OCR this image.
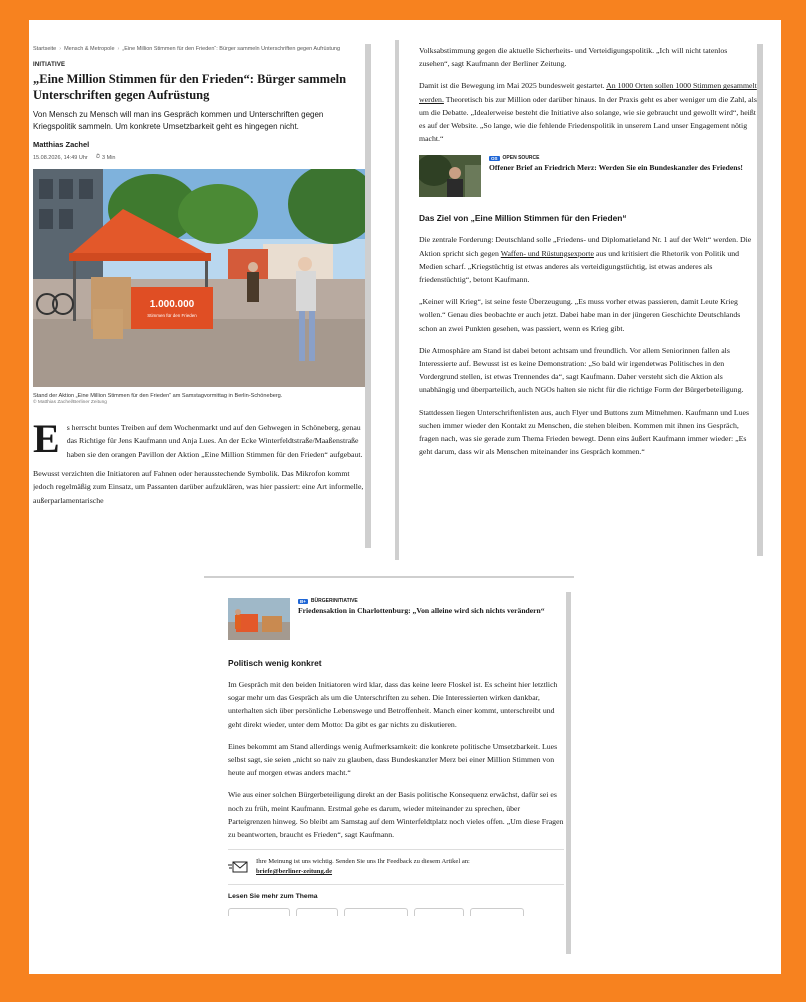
Startseite › Mensch & Metropole › „Eine Million Stimmen für den Frieden“: Bürger sammeln Unterschriften gegen Aufrüstung
INITIATIVE
„Eine Million Stimmen für den Frieden“: Bürger sammeln Unterschriften gegen Aufrüstung
Von Mensch zu Mensch will man ins Gespräch kommen und Unterschriften gegen Kriegspolitik sammeln. Um konkrete Umsetzbarkeit geht es hingegen nicht.
Matthias Zachel
15.08.2026, 14:49 Uhr ⏱ 3 Min
1.000.000
Stimmen für den Frieden
Stand der Aktion „Eine Million Stimmen für den Frieden“ am Samstagvormittag in Berlin-Schöneberg.
© Matthias Zachel/Berliner Zeitung
Es herrscht buntes Treiben auf dem Wochenmarkt und auf den Gehwegen in Schöneberg, genau das Richtige für Jens Kaufmann und Anja Lues. An der Ecke Winterfeldtstraße/Maaßenstraße haben sie den orangen Pavillon der Aktion „Eine Million Stimmen für den Frieden“ aufgebaut.
Bewusst verzichten die Initiatoren auf Fahnen oder herausstechende Symbolik. Das Mikrofon kommt jedoch regelmäßig zum Einsatz, um Passanten darüber aufzuklären, was hier passiert: eine Art informelle, außerparlamentarische
Volksabstimmung gegen die aktuelle Sicherheits- und Verteidigungspolitik. „Ich will nicht tatenlos zusehen“, sagt Kaufmann der Berliner Zeitung.
Damit ist die Bewegung im Mai 2025 bundesweit gestartet. An 1000 Orten sollen 1000 Stimmen gesammelt werden. Theoretisch bis zur Million oder darüber hinaus. In der Praxis geht es aber weniger um die Zahl, als um die Debatte. „Idealerweise besteht die Initiative also solange, wie sie gebraucht und gewollt wird“, heißt es auf der Website. „So lange, wie die fehlende Friedenspolitik in unserem Land unser Engagement nötig macht.“
OS	OPEN SOURCE
Offener Brief an Friedrich Merz: Werden Sie ein Bundeskanzler des Friedens!
Das Ziel von „Eine Million Stimmen für den Frieden“
Die zentrale Forderung: Deutschland solle „Friedens- und Diplomatieland Nr. 1 auf der Welt“ werden. Die Aktion spricht sich gegen Waffen- und Rüstungsexporte aus und kritisiert die Rhetorik von Politik und Medien scharf. „Kriegstüchtig ist etwas anderes als verteidigungstüchtig, ist etwas anderes als friedenstüchtig“, betont Kaufmann.
„Keiner will Krieg“, ist seine feste Überzeugung. „Es muss vorher etwas passieren, damit Leute Krieg wollen.“ Genau dies beobachte er auch jetzt. Dabei habe man in der jüngeren Geschichte Deutschlands schon an zwei Punkten gesehen, was passiert, wenn es Krieg gibt.
Die Atmosphäre am Stand ist dabei betont achtsam und freundlich. Vor allem Seniorinnen fallen als Interessierte auf. Bewusst ist es keine Demonstration: „So bald wir irgendetwas Politisches in den Vordergrund stellen, ist etwas Trennendes da“, sagt Kaufmann. Daher versteht sich die Aktion als unabhängig und überparteilich, auch NGOs halten sie nicht für die richtige Form der Bürgerbeteiligung.
Stattdessen liegen Unterschriftenlisten aus, auch Flyer und Buttons zum Mitnehmen. Kaufmann und Lues suchen immer wieder den Kontakt zu Menschen, die stehen bleiben. Kommen mit ihnen ins Gespräch, fragen nach, was sie gerade zum Thema Frieden bewegt. Denn eins äußert Kaufmann immer wieder: „Es geht darum, dass wir als Menschen miteinander ins Gespräch kommen.“
B+	BÜRGERINITIATIVE
Friedensaktion in Charlottenburg: „Von alleine wird sich nichts verändern“
Politisch wenig konkret
Im Gespräch mit den beiden Initiatoren wird klar, dass das keine leere Floskel ist. Es scheint hier letztlich sogar mehr um das Gespräch als um die Unterschriften zu sehen. Die Interessierten wirken dankbar, unterhalten sich über persönliche Lebenswege und Betroffenheit. Manch einer kommt, unterschreibt und geht direkt wieder, unter dem Motto: Da gibt es gar nichts zu diskutieren.
Eines bekommt am Stand allerdings wenig Aufmerksamkeit: die konkrete politische Umsetzbarkeit. Lues selbst sagt, sie seien „nicht so naiv zu glauben, dass Bundeskanzler Merz bei einer Million Stimmen von heute auf morgen etwas anders macht.“
Wie aus einer solchen Bürgerbeteiligung direkt an der Basis politische Konsequenz erwächst, dafür sei es noch zu früh, meint Kaufmann. Erstmal gehe es darum, wieder miteinander zu sprechen, über Parteigrenzen hinweg. So bleibt am Samstag auf dem Winterfeldtplatz noch vieles offen. „Um diese Fragen zu beantworten, braucht es Frieden“, sagt Kaufmann.
Ihre Meinung ist uns wichtig. Senden Sie uns Ihr Feedback zu diesem Artikel an:
briefe@berliner-zeitung.de
Lesen Sie mehr zum Thema
